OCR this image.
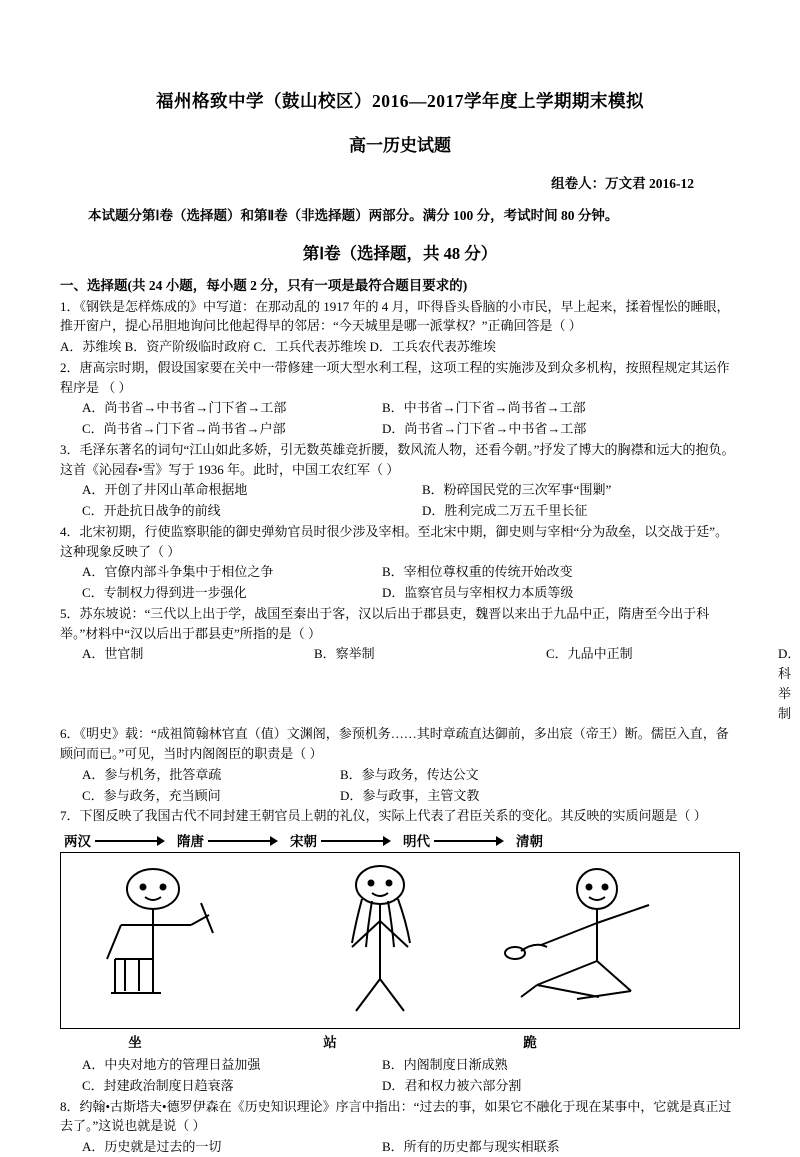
福州格致中学（鼓山校区）2016—2017学年度上学期期末模拟
高一历史试题
组卷人：万文君 2016-12
本试题分第Ⅰ卷（选择题）和第Ⅱ卷（非选择题）两部分。满分 100 分，考试时间 80 分钟。
第Ⅰ卷（选择题，共 48 分）
一、选择题(共 24 小题，每小题 2 分，只有一项是最符合题目要求的)
1．《钢铁是怎样炼成的》中写道：在那动乱的 1917 年的 4 月，吓得昏头昏脑的小市民，早上起来，揉着惺忪的睡眼，推开窗户，提心吊胆地询问比他起得早的邻居：“今天城里是哪一派掌权？”正确回答是（ ）
A．苏维埃 B．资产阶级临时政府 C．工兵代表苏维埃 D．工兵农代表苏维埃
2．唐高宗时期，假设国家要在关中一带修建一项大型水利工程，这项工程的实施涉及到众多机构，按照程规定其运作程序是 （ ）
A．尚书省→中书省→门下省→工部	B．中书省→门下省→尚书省→工部
C．尚书省→门下省→尚书省→户部	D．尚书省→门下省→中书省→工部
3．毛泽东著名的词句“江山如此多娇，引无数英雄竞折腰，数风流人物，还看今朝。”抒发了博大的胸襟和远大的抱负。这首《沁园春•雪》写于 1936 年。此时，中国工农红军（ ）
A．开创了井冈山革命根据地	B．粉碎国民党的三次军事“围剿”
C．开赴抗日战争的前线	D．胜利完成二万五千里长征
4．北宋初期，行使监察职能的御史弹劾官员时很少涉及宰相。至北宋中期，御史则与宰相“分为敌垒，以交战于廷”。这种现象反映了（ ）
A．官僚内部斗争集中于相位之争	B．宰相位尊权重的传统开始改变
C．专制权力得到进一步强化	D．监察官员与宰相权力本质等级
5．苏东坡说：“三代以上出于学，战国至秦出于客，汉以后出于郡县吏，魏晋以来出于九品中正，隋唐至今出于科举。”材料中“汉以后出于郡县吏”所指的是（ ）
A．世官制	B．察举制	C．九品中正制	D．科举制
6．《明史》载：“成祖简翰林官直（值）文渊阁，参预机务……其时章疏直达御前，多出宸（帝王）断。儒臣入直，备顾问而已。”可见，当时内阁阁臣的职责是（ ）
A．参与机务，批答章疏	B．参与政务，传达公文
C．参与政务，充当顾问	D．参与政事，主管文教
7．下图反映了我国古代不同封建王朝官员上朝的礼仪，实际上代表了君臣关系的变化。其反映的实质问题是（ ）
两汉	隋唐	宋朝	明代	清朝
坐	站	跪
A．中央对地方的管理日益加强	B．内阁制度日渐成熟
C．封建政治制度日趋衰落	D．君和权力被六部分割
8．约翰•古斯塔夫•德罗伊森在《历史知识理论》序言中指出：“过去的事，如果它不融化于现在某事中，它就是真正过去了。”这说也就是说（ ）
A．历史就是过去的一切	B．所有的历史都与现实相联系
